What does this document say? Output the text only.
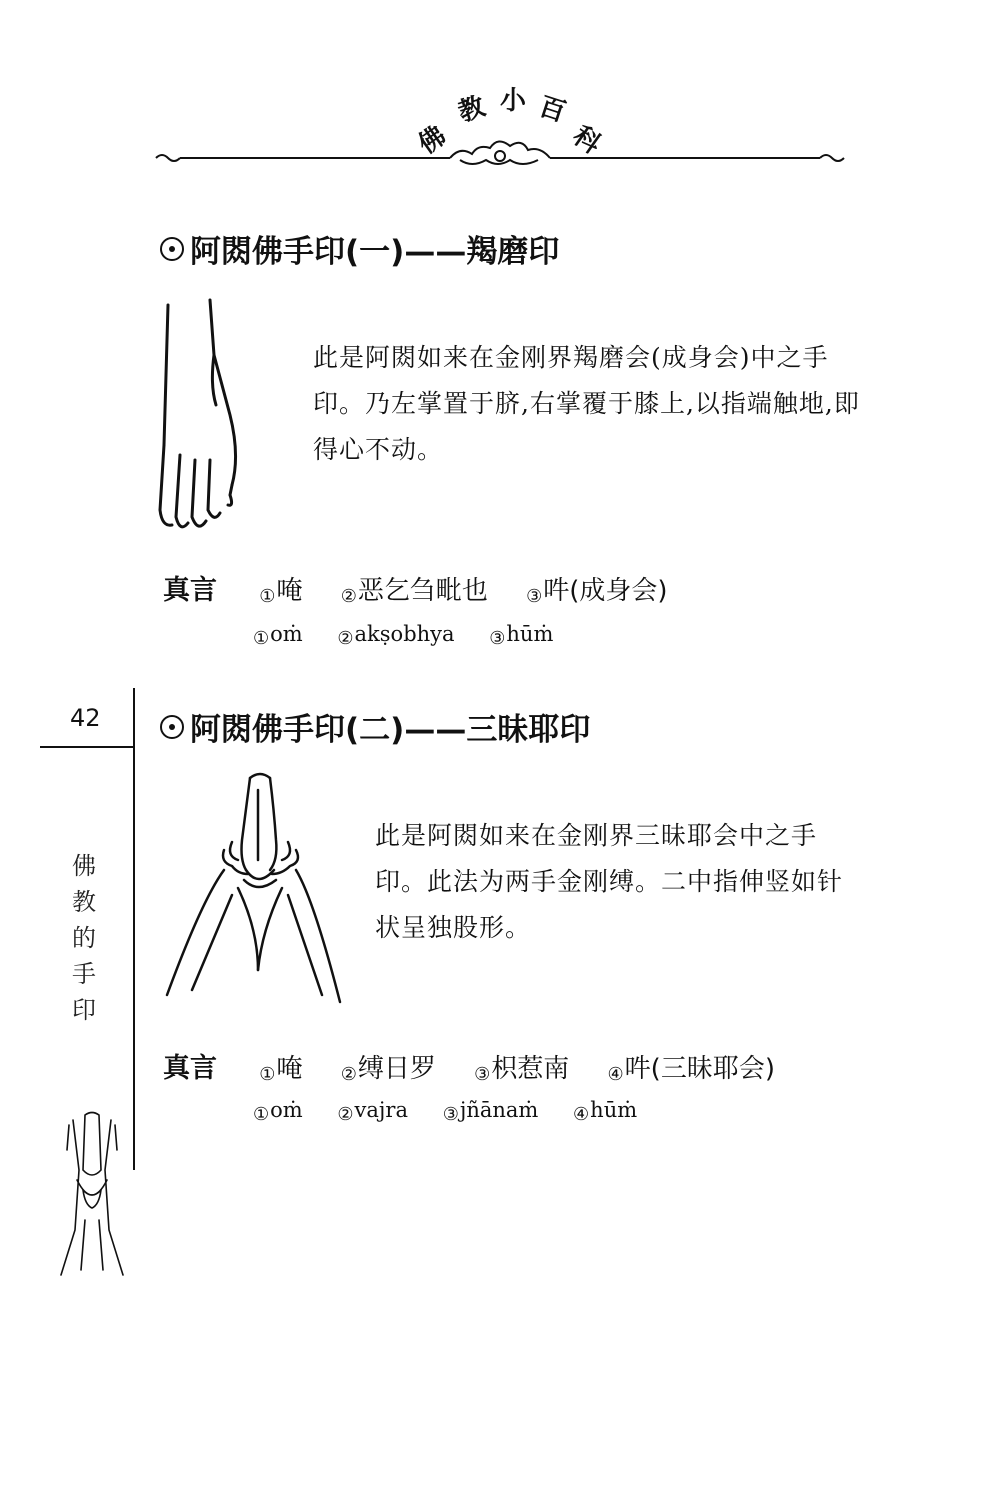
佛
教 小 百
科
阿閦佛手印(一)——羯磨印

此是阿閦如来在金刚界羯磨会(成身会)中之手印。乃左掌置于脐,右掌覆于膝上,以指端触地,即得心不动。

真言 ①唵 ②恶乞刍毗也 ③吽(成身会)
①oṁ ②akṣobhya ③hūṁ
42
佛
教
的
手
印
阿閦佛手印(二)——三昧耶印

此是阿閦如来在金刚界三昧耶会中之手印。此法为两手金刚缚。二中指伸竖如针状呈独股形。

真言 ①唵 ②缚日罗 ③枳惹南 ④吽(三昧耶会)
①oṁ ②vajra ③jñānaṁ ④hūṁ
